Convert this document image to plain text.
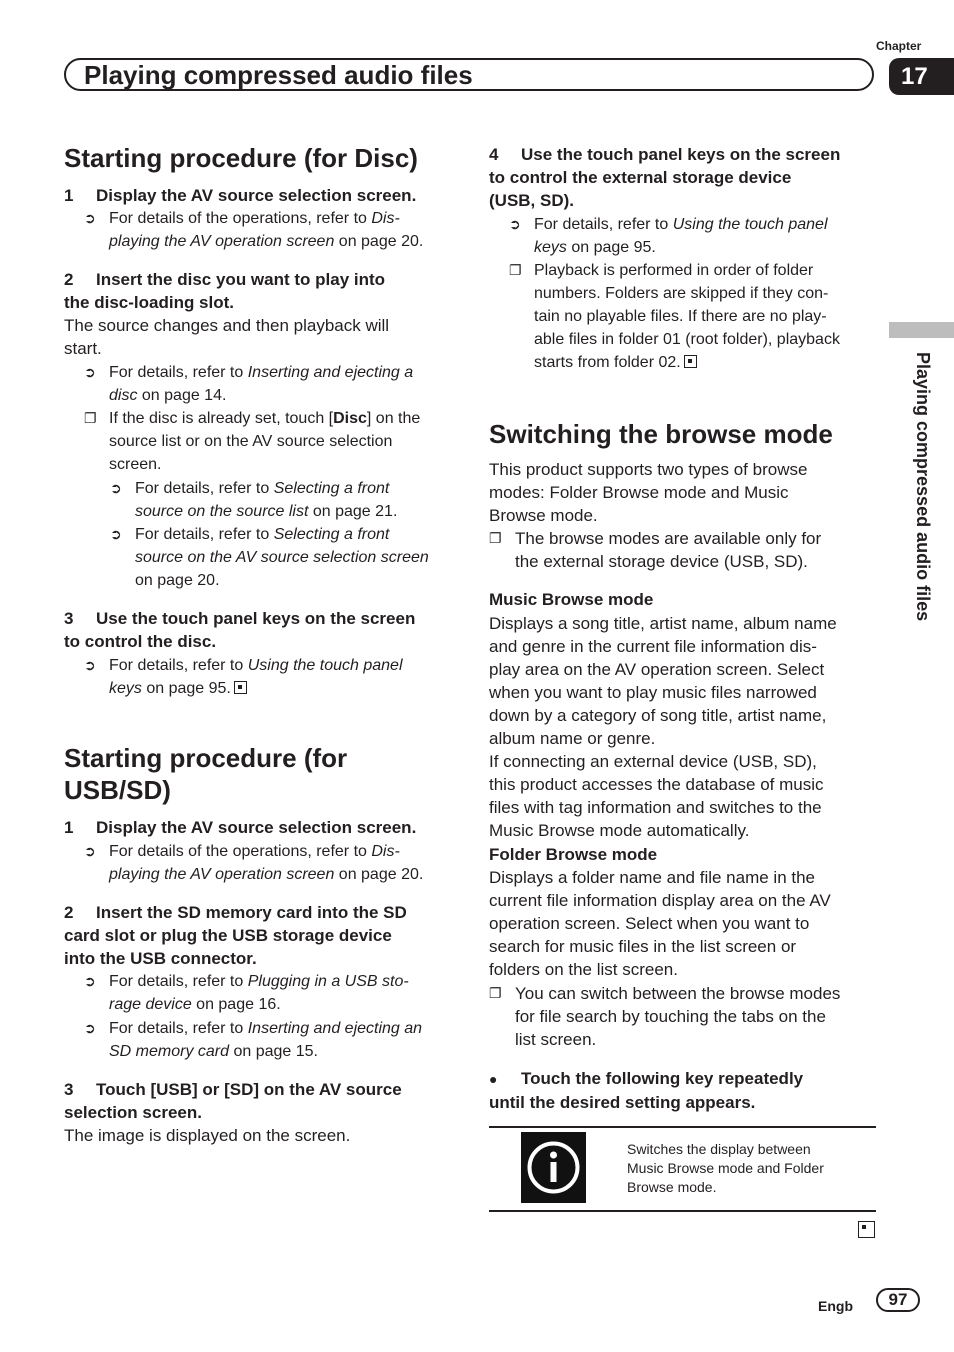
Playing compressed audio files
Chapter
17
Playing compressed audio files
Starting procedure (for Disc)
1 Display the AV source selection screen.
➲ For details of the operations, refer to Dis-
playing the AV operation screen on page 20.
2 Insert the disc you want to play into
the disc-loading slot.
The source changes and then playback will
start.
➲ For details, refer to Inserting and ejecting a
disc on page 14.
❐ If the disc is already set, touch [Disc] on the
source list or on the AV source selection
screen.
➲ For details, refer to Selecting a front
source on the source list on page 21.
➲ For details, refer to Selecting a front
source on the AV source selection screen
on page 20.
3 Use the touch panel keys on the screen
to control the disc.
➲ For details, refer to Using the touch panel
keys on page 95.
Starting procedure (for
USB/SD)
1 Display the AV source selection screen.
➲ For details of the operations, refer to Dis-
playing the AV operation screen on page 20.
2 Insert the SD memory card into the SD
card slot or plug the USB storage device
into the USB connector.
➲ For details, refer to Plugging in a USB sto-
rage device on page 16.
➲ For details, refer to Inserting and ejecting an
SD memory card on page 15.
3 Touch [USB] or [SD] on the AV source
selection screen.
The image is displayed on the screen.
4 Use the touch panel keys on the screen
to control the external storage device
(USB, SD).
➲ For details, refer to Using the touch panel
keys on page 95.
❐ Playback is performed in order of folder
numbers. Folders are skipped if they con-
tain no playable files. If there are no play-
able files in folder 01 (root folder), playback
starts from folder 02.
Switching the browse mode
This product supports two types of browse
modes: Folder Browse mode and Music
Browse mode.
❐ The browse modes are available only for
the external storage device (USB, SD).
Music Browse mode
Displays a song title, artist name, album name
and genre in the current file information dis-
play area on the AV operation screen. Select
when you want to play music files narrowed
down by a category of song title, artist name,
album name or genre.
If connecting an external device (USB, SD),
this product accesses the database of music
files with tag information and switches to the
Music Browse mode automatically.
Folder Browse mode
Displays a folder name and file name in the
current file information display area on the AV
operation screen. Select when you want to
search for music files in the list screen or
folders on the list screen.
❐ You can switch between the browse modes
for file search by touching the tabs on the
list screen.
● Touch the following key repeatedly
until the desired setting appears.
Switches the display between
Music Browse mode and Folder
Browse mode.
Engb	97
